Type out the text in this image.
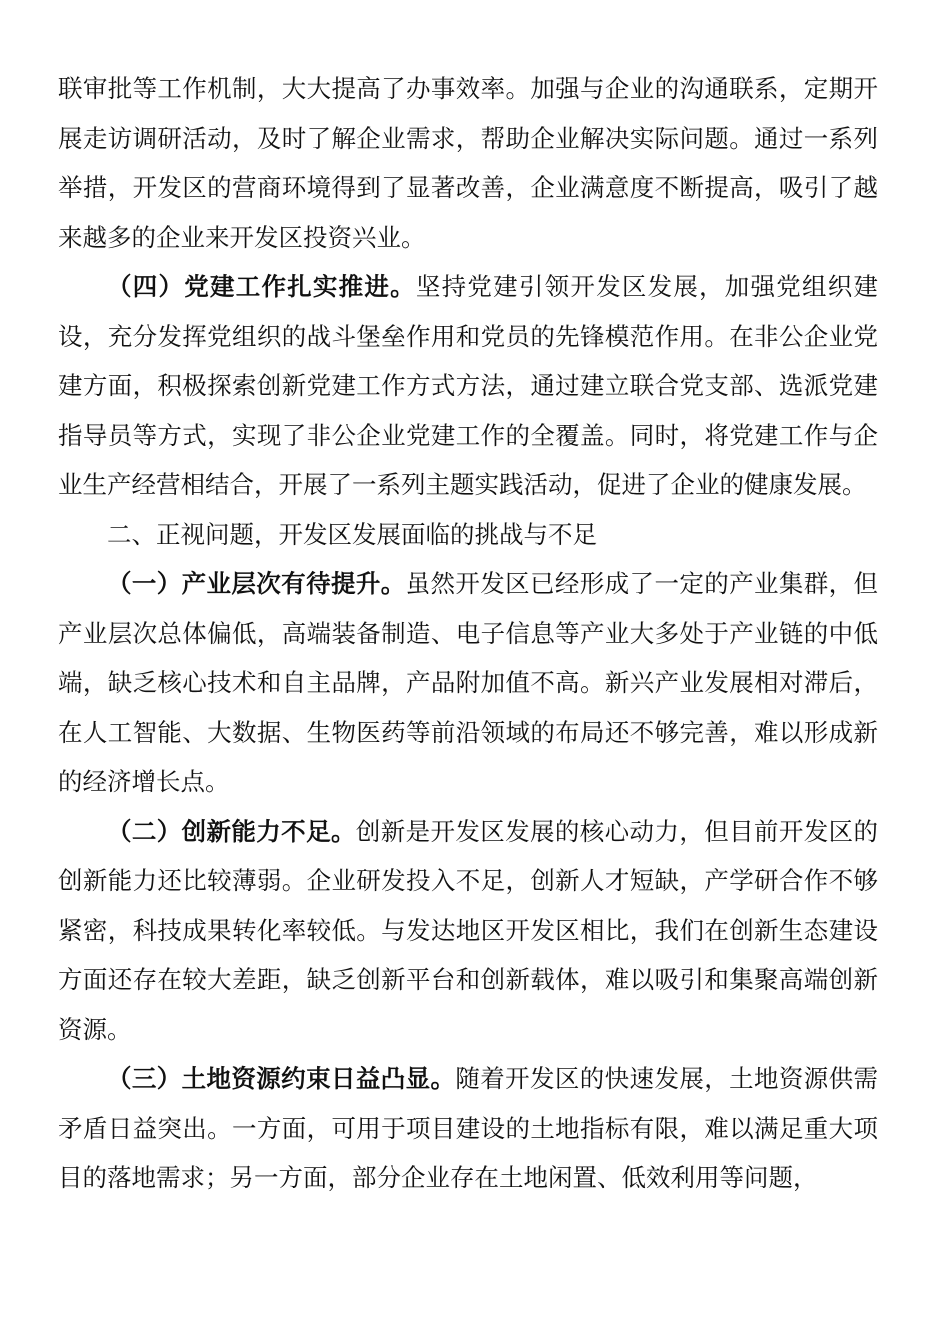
联审批等工作机制，大大提高了办事效率。加强与企业的沟通联系，定期开展走访调研活动，及时了解企业需求，帮助企业解决实际问题。通过一系列举措，开发区的营商环境得到了显著改善，企业满意度不断提高，吸引了越来越多的企业来开发区投资兴业。

（四）党建工作扎实推进。坚持党建引领开发区发展，加强党组织建设，充分发挥党组织的战斗堡垒作用和党员的先锋模范作用。在非公企业党建方面，积极探索创新党建工作方式方法，通过建立联合党支部、选派党建指导员等方式，实现了非公企业党建工作的全覆盖。同时，将党建工作与企业生产经营相结合，开展了一系列主题实践活动，促进了企业的健康发展。

二、正视问题，开发区发展面临的挑战与不足

（一）产业层次有待提升。虽然开发区已经形成了一定的产业集群，但产业层次总体偏低，高端装备制造、电子信息等产业大多处于产业链的中低端，缺乏核心技术和自主品牌，产品附加值不高。新兴产业发展相对滞后，在人工智能、大数据、生物医药等前沿领域的布局还不够完善，难以形成新的经济增长点。

（二）创新能力不足。创新是开发区发展的核心动力，但目前开发区的创新能力还比较薄弱。企业研发投入不足，创新人才短缺，产学研合作不够紧密，科技成果转化率较低。与发达地区开发区相比，我们在创新生态建设方面还存在较大差距，缺乏创新平台和创新载体，难以吸引和集聚高端创新资源。

（三）土地资源约束日益凸显。随着开发区的快速发展，土地资源供需矛盾日益突出。一方面，可用于项目建设的土地指标有限，难以满足重大项目的落地需求；另一方面，部分企业存在土地闲置、低效利用等问题，
